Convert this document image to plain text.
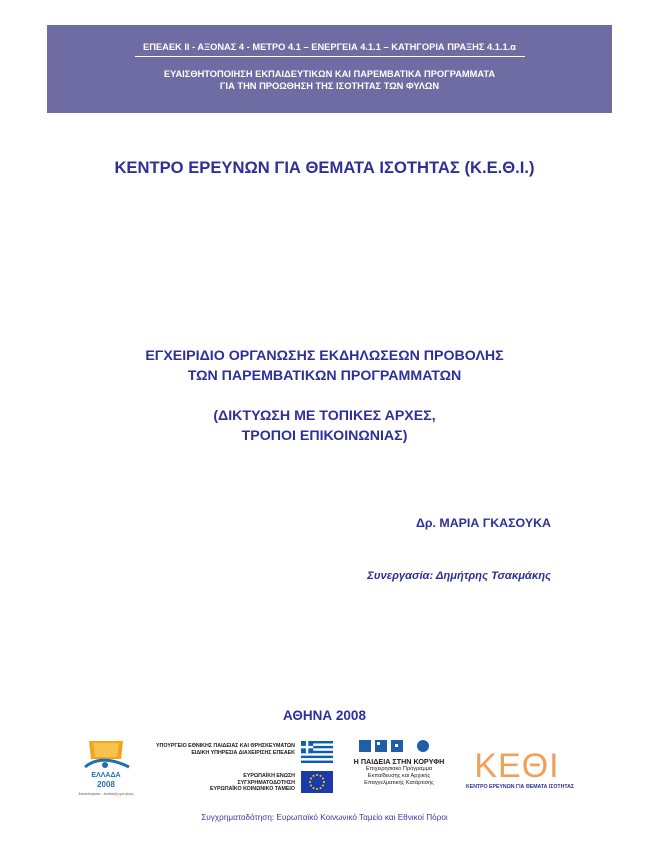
ΕΠΕΑΕΚ ΙΙ - ΑΞΟΝΑΣ 4 - ΜΕΤΡΟ 4.1 – ΕΝΕΡΓΕΙΑ 4.1.1 – ΚΑΤΗΓΟΡΙΑ ΠΡΑΞΗΣ 4.1.1.α
ΕΥΑΙΣΘΗΤΟΠΟΙΗΣΗ ΕΚΠΑΙΔΕΥΤΙΚΩΝ ΚΑΙ ΠΑΡΕΜΒΑΤΙΚΑ ΠΡΟΓΡΑΜΜΑΤΑ
ΓΙΑ ΤΗΝ ΠΡΟΩΘΗΣΗ ΤΗΣ ΙΣΟΤΗΤΑΣ ΤΩΝ ΦΥΛΩΝ
ΚΕΝΤΡΟ ΕΡΕΥΝΩΝ ΓΙΑ ΘΕΜΑΤΑ ΙΣΟΤΗΤΑΣ (Κ.Ε.Θ.Ι.)
ΕΓΧΕΙΡΙΔΙΟ ΟΡΓΑΝΩΣΗΣ ΕΚΔΗΛΩΣΕΩΝ ΠΡΟΒΟΛΗΣ
ΤΩΝ ΠΑΡΕΜΒΑΤΙΚΩΝ ΠΡΟΓΡΑΜΜΑΤΩΝ
(ΔΙΚΤΥΩΣΗ ΜΕ ΤΟΠΙΚΕΣ ΑΡΧΕΣ,
ΤΡΟΠΟΙ ΕΠΙΚΟΙΝΩΝΙΑΣ)
Δρ. ΜΑΡΙΑ ΓΚΑΣΟΥΚΑ
Συνεργασία: Δημήτρης Τσακμάκης
ΑΘΗΝΑ 2008
ΕΛΛΑΔΑ
2008
Αποτελέσματα... Ανάπτυξη για όλους
ΥΠΟΥΡΓΕΙΟ ΕΘΝΙΚΗΣ ΠΑΙΔΕΙΑΣ ΚΑΙ ΘΡΗΣΚΕΥΜΑΤΩΝ
ΕΙΔΙΚΗ ΥΠΗΡΕΣΙΑ ΔΙΑΧΕΙΡΙΣΗΣ ΕΠΕΑΕΚ
ΕΥΡΩΠΑΪΚΗ ΕΝΩΣΗ
ΣΥΓΧΡΗΜΑΤΟΔΟΤΗΣΗ
ΕΥΡΩΠΑΪΚΟ ΚΟΙΝΩΝΙΚΟ ΤΑΜΕΙΟ
Η ΠΑΙΔΕΙΑ ΣΤΗΝ ΚΟΡΥΦΗ
Επιχειρησιακό Πρόγραμμα
Εκπαίδευσης και Αρχικής
Επαγγελματικής Κατάρτισης	ΚΕΘΙ
ΚΕΝΤΡΟ ΕΡΕΥΝΩΝ ΓΙΑ ΘΕΜΑΤΑ ΙΣΟΤΗΤΑΣ
Συγχρηματοδότηση: Ευρωπαϊκό Κοινωνικό Ταμείο και Εθνικοί Πόροι
